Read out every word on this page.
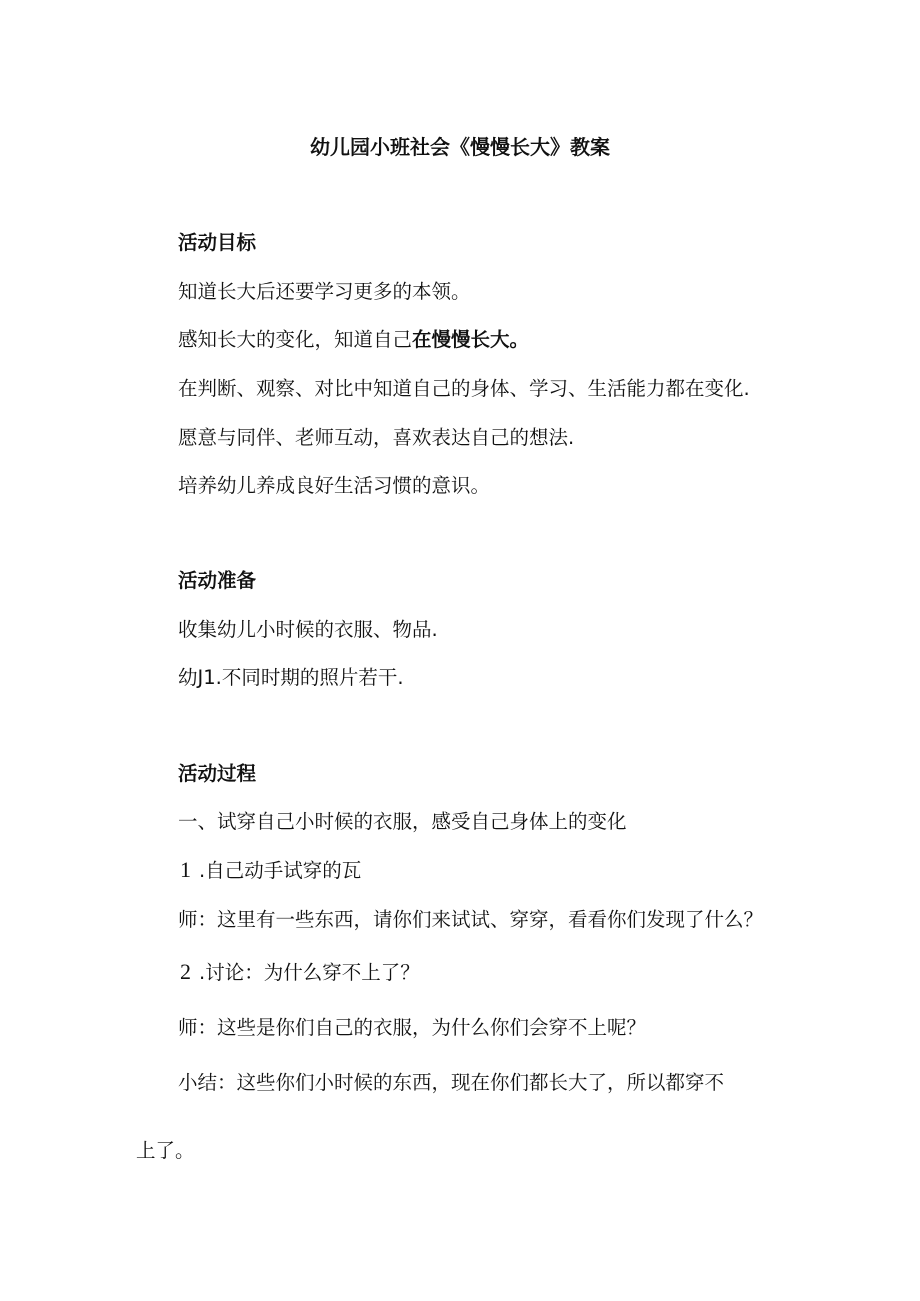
幼儿园小班社会《慢慢长大》教案
活动目标
知道长大后还要学习更多的本领。
感知长大的变化，知道自己在慢慢长大。
在判断、观察、对比中知道自己的身体、学习、生活能力都在变化.
愿意与同伴、老师互动，喜欢表达自己的想法.
培养幼儿养成良好生活习惯的意识。
活动准备
收集幼儿小时候的衣服、物品.
幼J1.不同时期的照片若干.
活动过程
一、试穿自己小时候的衣服，感受自己身体上的变化
1 .自己动手试穿的瓦
师：这里有一些东西，请你们来试试、穿穿，看看你们发现了什么？
2 .讨论：为什么穿不上了？
师：这些是你们自己的衣服，为什么你们会穿不上呢？
小结：这些你们小时候的东西，现在你们都长大了，所以都穿不
上了。
